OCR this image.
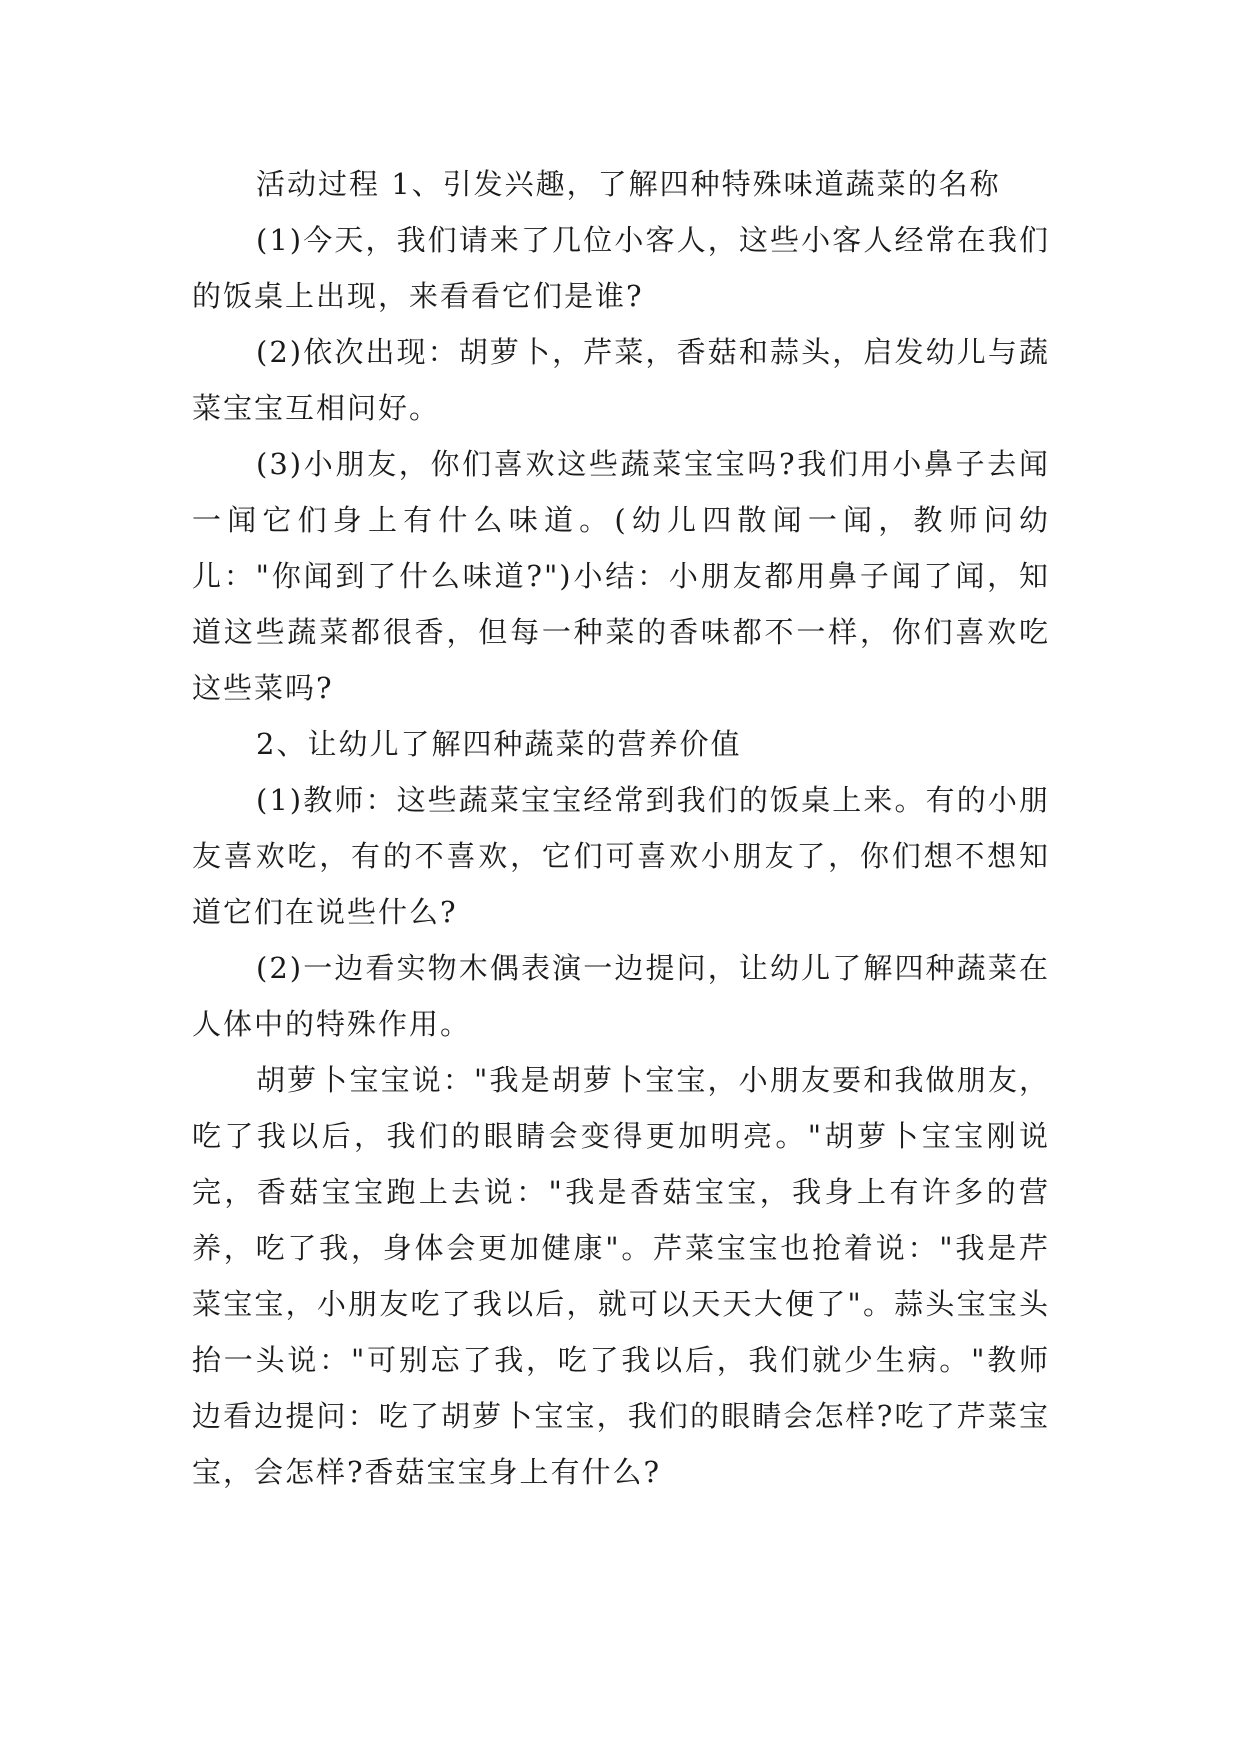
活动过程 1、引发兴趣，了解四种特殊味道蔬菜的名称

(1)今天，我们请来了几位小客人，这些小客人经常在我们的饭桌上出现，来看看它们是谁?

(2)依次出现：胡萝卜，芹菜，香菇和蒜头，启发幼儿与蔬菜宝宝互相问好。

(3)小朋友，你们喜欢这些蔬菜宝宝吗?我们用小鼻子去闻一闻它们身上有什么味道。(幼儿四散闻一闻，教师问幼儿："你闻到了什么味道?")小结：小朋友都用鼻子闻了闻，知道这些蔬菜都很香，但每一种菜的香味都不一样，你们喜欢吃这些菜吗?

2、让幼儿了解四种蔬菜的营养价值

(1)教师：这些蔬菜宝宝经常到我们的饭桌上来。有的小朋友喜欢吃，有的不喜欢，它们可喜欢小朋友了，你们想不想知道它们在说些什么?

(2)一边看实物木偶表演一边提问，让幼儿了解四种蔬菜在人体中的特殊作用。

胡萝卜宝宝说："我是胡萝卜宝宝，小朋友要和我做朋友，吃了我以后，我们的眼睛会变得更加明亮。"胡萝卜宝宝刚说完，香菇宝宝跑上去说："我是香菇宝宝，我身上有许多的营养，吃了我，身体会更加健康"。芹菜宝宝也抢着说："我是芹菜宝宝，小朋友吃了我以后，就可以天天大便了"。蒜头宝宝头抬一头说："可别忘了我，吃了我以后，我们就少生病。"教师边看边提问：吃了胡萝卜宝宝，我们的眼睛会怎样?吃了芹菜宝宝，会怎样?香菇宝宝身上有什么?
